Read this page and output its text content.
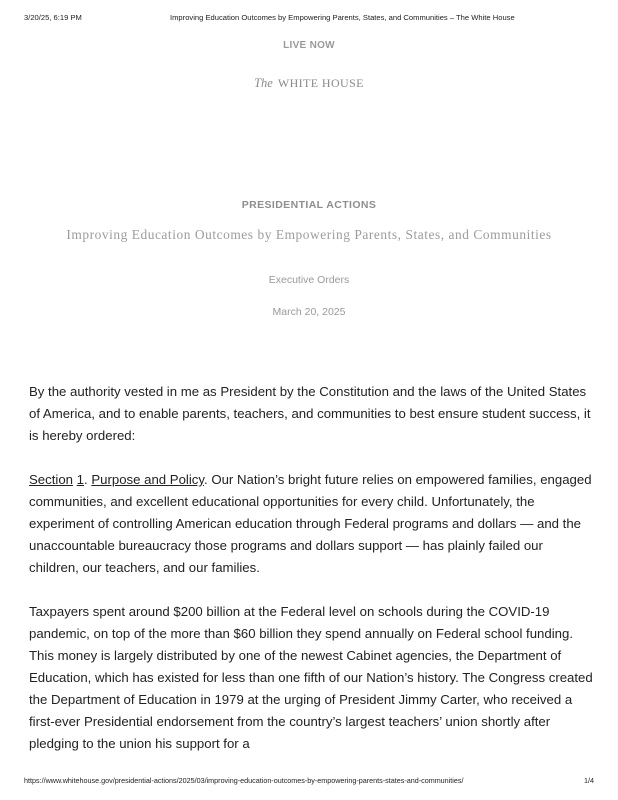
3/20/25, 6:19 PM	Improving Education Outcomes by Empowering Parents, States, and Communities – The White House
LIVE NOW
The WHITE HOUSE
PRESIDENTIAL ACTIONS
Improving Education Outcomes by Empowering Parents, States, and Communities
Executive Orders
March 20, 2025

By the authority vested in me as President by the Constitution and the laws of the United States of America, and to enable parents, teachers, and communities to best ensure student success, it is hereby ordered:

Section 1. Purpose and Policy. Our Nation’s bright future relies on empowered families, engaged communities, and excellent educational opportunities for every child. Unfortunately, the experiment of controlling American education through Federal programs and dollars — and the unaccountable bureaucracy those programs and dollars support — has plainly failed our children, our teachers, and our families.

Taxpayers spent around $200 billion at the Federal level on schools during the COVID-19 pandemic, on top of the more than $60 billion they spend annually on Federal school funding. This money is largely distributed by one of the newest Cabinet agencies, the Department of Education, which has existed for less than one fifth of our Nation’s history. The Congress created the Department of Education in 1979 at the urging of President Jimmy Carter, who received a first-ever Presidential endorsement from the country’s largest teachers’ union shortly after pledging to the union his support for a

https://www.whitehouse.gov/presidential-actions/2025/03/improving-education-outcomes-by-empowering-parents-states-and-communities/	1/4
